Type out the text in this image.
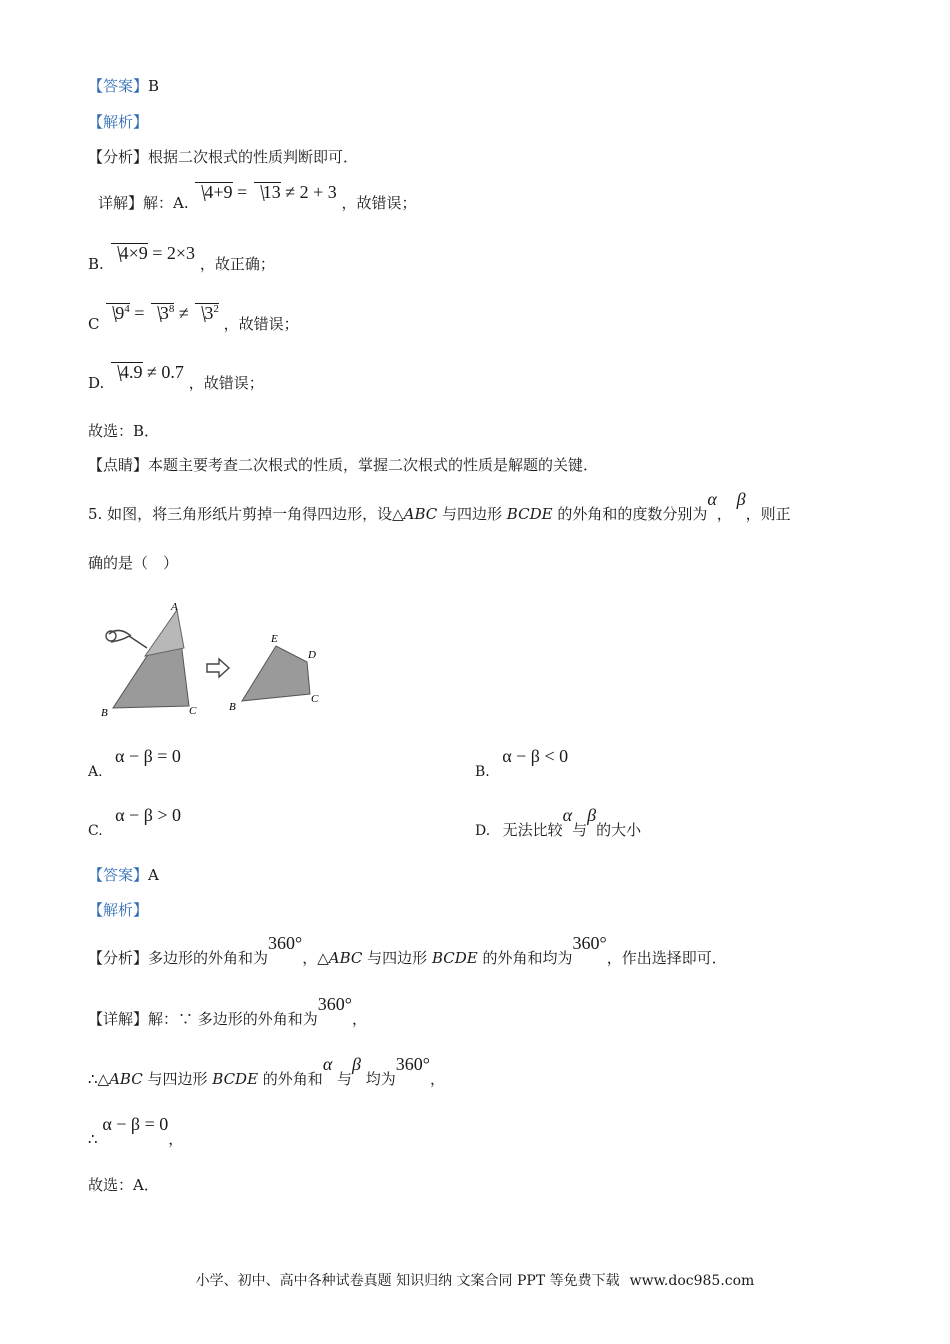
【答案】B
【解析】
【分析】根据二次根式的性质判断即可．
详解】解：A. 4+9 = 13 ≠ 2 + 3 ，故错误；
B. 4×9 = 2×3 ，故正确；
C $9^4 = 3^8 \ne 3^2$ ，故错误；
D. 4.9 ≠ 0.7 ，故错误；
故选：B．
【点睛】本题主要考查二次根式的性质，掌握二次根式的性质是解题的关键．
5. 如图，将三角形纸片剪掉一角得四边形，设△ABC 与四边形 BCDE 的外角和的度数分别为α， β，则正
确的是（　）
A
B	C
E
D
B
C
A. α − β = 0
B. α − β < 0
C. α − β > 0
D. 无法比较α与β的大小
【答案】A
【解析】
【分析】多边形的外角和为360°，△ABC 与四边形 BCDE 的外角和均为360°，作出选择即可．
【详解】解：∵ 多边形的外角和为360°，
∴△ABC 与四边形 BCDE 的外角和α 与β 均为360°，
∴ α − β = 0，
故选：A．
小学、初中、高中各种试卷真题 知识归纳 文案合同 PPT 等免费下载 www.doc985.com
